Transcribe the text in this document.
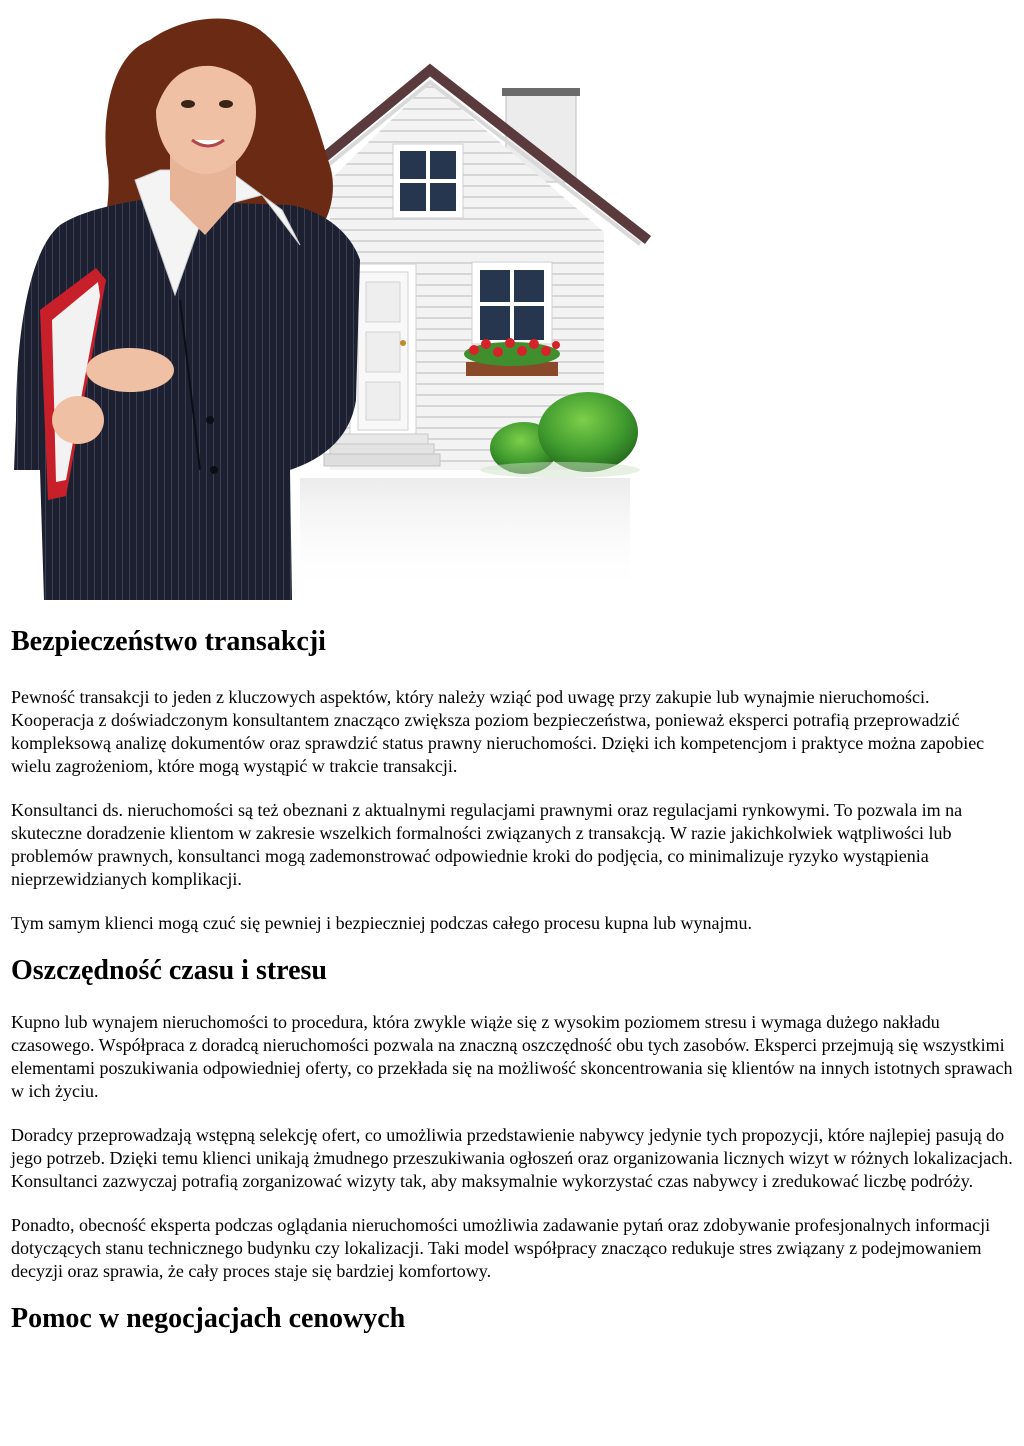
Bezpieczeństwo transakcji

Pewność transakcji to jeden z kluczowych aspektów, który należy wziąć pod uwagę przy zakupie lub wynajmie nieruchomości. Kooperacja z doświadczonym konsultantem znacząco zwiększa poziom bezpieczeństwa, ponieważ eksperci potrafią przeprowadzić kompleksową analizę dokumentów oraz sprawdzić status prawny nieruchomości. Dzięki ich kompetencjom i praktyce można zapobiec wielu zagrożeniom, które mogą wystąpić w trakcie transakcji.

Konsultanci ds. nieruchomości są też obeznani z aktualnymi regulacjami prawnymi oraz regulacjami rynkowymi. To pozwala im na skuteczne doradzenie klientom w zakresie wszelkich formalności związanych z transakcją. W razie jakichkolwiek wątpliwości lub problemów prawnych, konsultanci mogą zademonstrować odpowiednie kroki do podjęcia, co minimalizuje ryzyko wystąpienia nieprzewidzianych komplikacji.

Tym samym klienci mogą czuć się pewniej i bezpieczniej podczas całego procesu kupna lub wynajmu.

Oszczędność czasu i stresu

Kupno lub wynajem nieruchomości to procedura, która zwykle wiąże się z wysokim poziomem stresu i wymaga dużego nakładu czasowego. Współpraca z doradcą nieruchomości pozwala na znaczną oszczędność obu tych zasobów. Eksperci przejmują się wszystkimi elementami poszukiwania odpowiedniej oferty, co przekłada się na możliwość skoncentrowania się klientów na innych istotnych sprawach w ich życiu.

Doradcy przeprowadzają wstępną selekcję ofert, co umożliwia przedstawienie nabywcy jedynie tych propozycji, które najlepiej pasują do jego potrzeb. Dzięki temu klienci unikają żmudnego przeszukiwania ogłoszeń oraz organizowania licznych wizyt w różnych lokalizacjach. Konsultanci zazwyczaj potrafią zorganizować wizyty tak, aby maksymalnie wykorzystać czas nabywcy i zredukować liczbę podróży.

Ponadto, obecność eksperta podczas oglądania nieruchomości umożliwia zadawanie pytań oraz zdobywanie profesjonalnych informacji dotyczących stanu technicznego budynku czy lokalizacji. Taki model współpracy znacząco redukuje stres związany z podejmowaniem decyzji oraz sprawia, że cały proces staje się bardziej komfortowy.

Pomoc w negocjacjach cenowych
